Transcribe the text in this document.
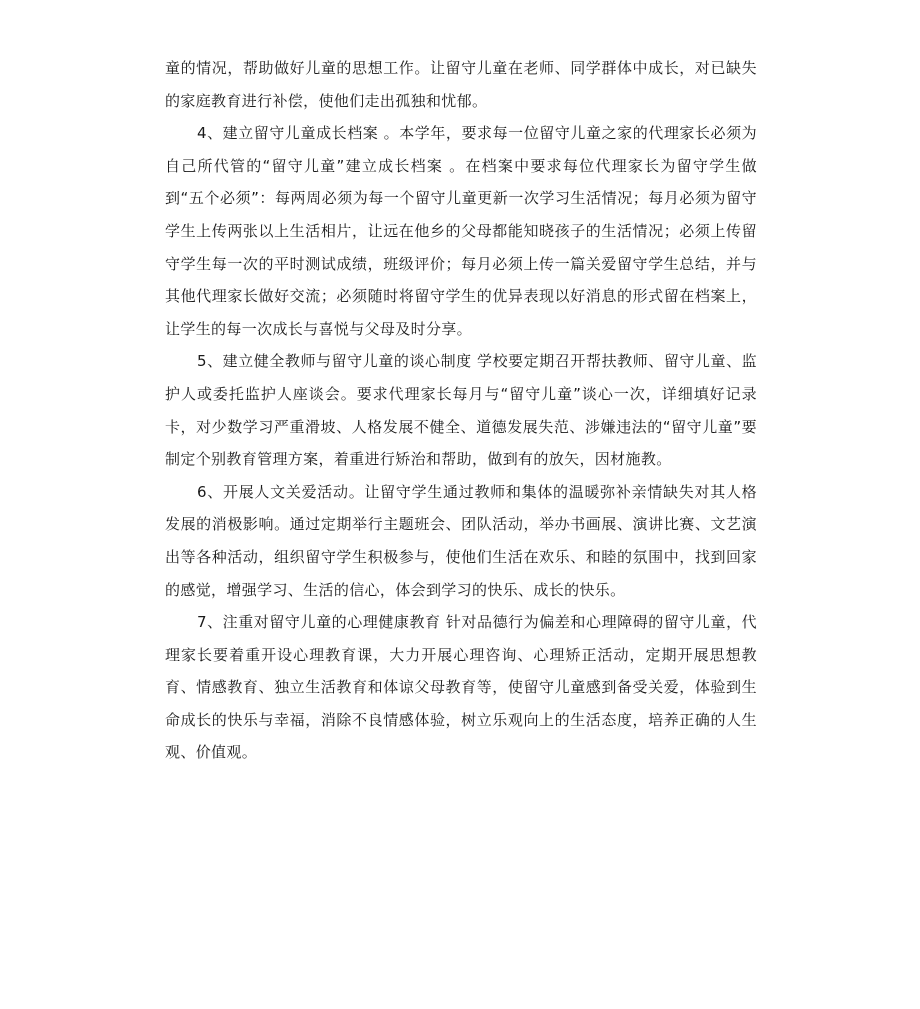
童的情况，帮助做好儿童的思想工作。让留守儿童在老师、同学群体中成长，对已缺失的家庭教育进行补偿，使他们走出孤独和忧郁。

4、建立留守儿童成长档案 。本学年，要求每一位留守儿童之家的代理家长必须为自己所代管的“留守儿童”建立成长档案 。在档案中要求每位代理家长为留守学生做到“五个必须”：每两周必须为每一个留守儿童更新一次学习生活情况；每月必须为留守学生上传两张以上生活相片，让远在他乡的父母都能知晓孩子的生活情况；必须上传留守学生每一次的平时测试成绩，班级评价；每月必须上传一篇关爱留守学生总结，并与其他代理家长做好交流；必须随时将留守学生的优异表现以好消息的形式留在档案上，让学生的每一次成长与喜悦与父母及时分享。

5、建立健全教师与留守儿童的谈心制度 学校要定期召开帮扶教师、留守儿童、监护人或委托监护人座谈会。要求代理家长每月与“留守儿童”谈心一次，详细填好记录卡，对少数学习严重滑坡、人格发展不健全、道德发展失范、涉嫌违法的“留守儿童”要制定个别教育管理方案，着重进行矫治和帮助，做到有的放矢，因材施教。

6、开展人文关爱活动。让留守学生通过教师和集体的温暖弥补亲情缺失对其人格发展的消极影响。通过定期举行主题班会、团队活动，举办书画展、演讲比赛、文艺演出等各种活动，组织留守学生积极参与，使他们生活在欢乐、和睦的氛围中，找到回家的感觉，增强学习、生活的信心，体会到学习的快乐、成长的快乐。

7、注重对留守儿童的心理健康教育 针对品德行为偏差和心理障碍的留守儿童，代理家长要着重开设心理教育课，大力开展心理咨询、心理矫正活动，定期开展思想教育、情感教育、独立生活教育和体谅父母教育等，使留守儿童感到备受关爱，体验到生命成长的快乐与幸福，消除不良情感体验，树立乐观向上的生活态度，培养正确的人生观、价值观。
